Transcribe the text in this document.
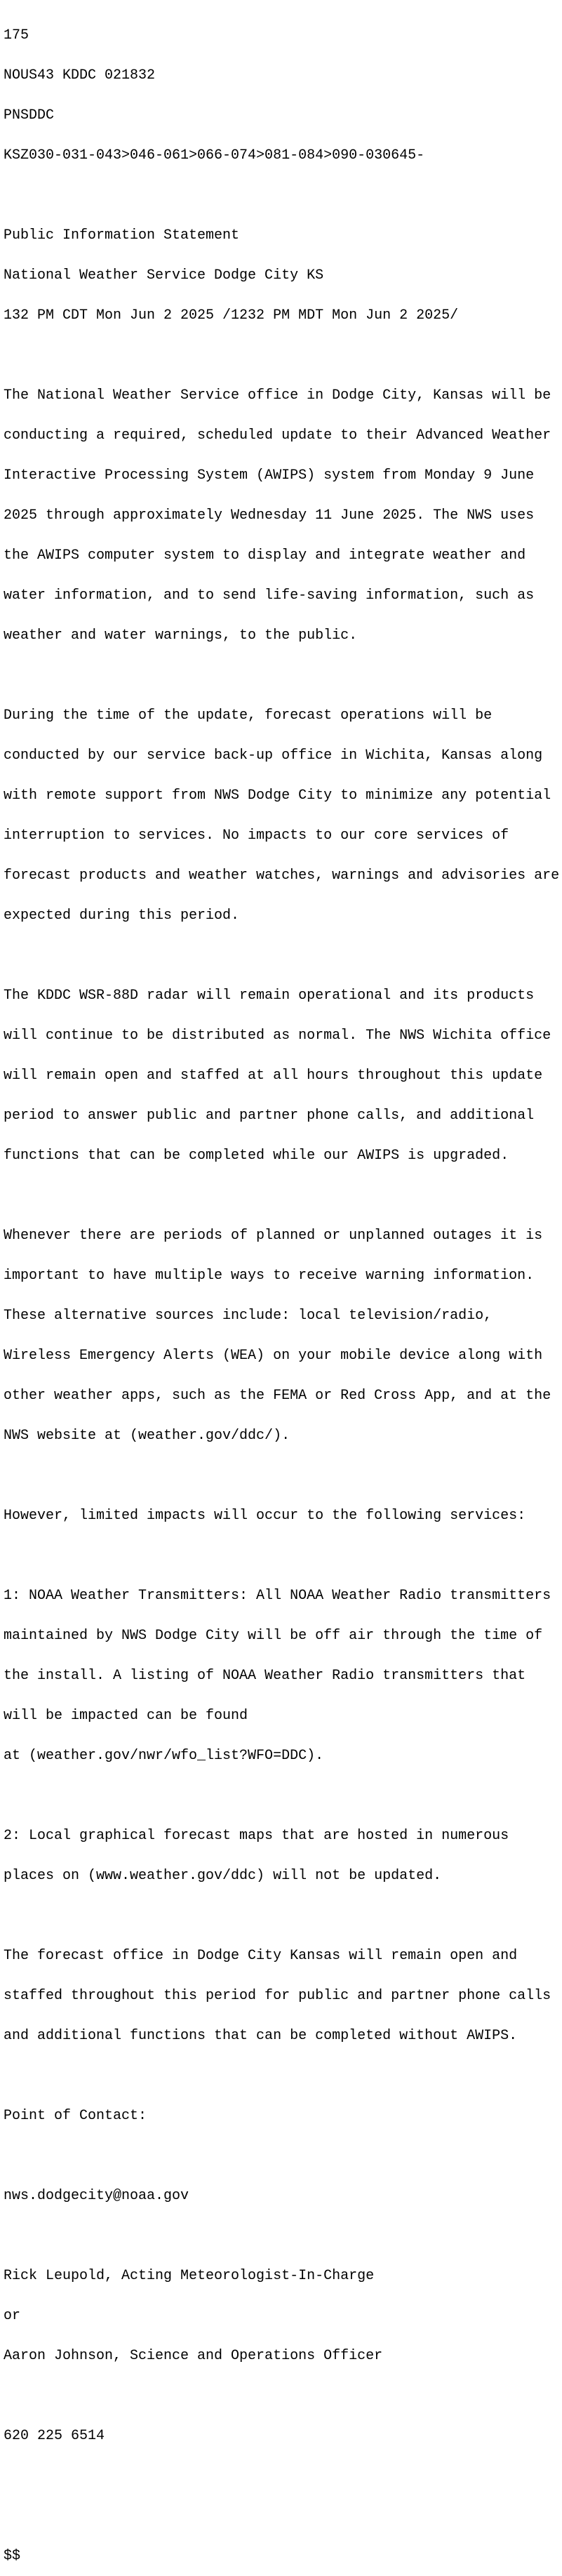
175

NOUS43 KDDC 021832

PNSDDC

KSZ030-031-043>046-061>066-074>081-084>090-030645-

Public Information Statement

National Weather Service Dodge City KS

132 PM CDT Mon Jun 2 2025 /1232 PM MDT Mon Jun 2 2025/

The National Weather Service office in Dodge City, Kansas will be

conducting a required, scheduled update to their Advanced Weather

Interactive Processing System (AWIPS) system from Monday 9 June

2025 through approximately Wednesday 11 June 2025. The NWS uses

the AWIPS computer system to display and integrate weather and

water information, and to send life-saving information, such as

weather and water warnings, to the public.

During the time of the update, forecast operations will be

conducted by our service back-up office in Wichita, Kansas along

with remote support from NWS Dodge City to minimize any potential

interruption to services. No impacts to our core services of

forecast products and weather watches, warnings and advisories are

expected during this period.

The KDDC WSR-88D radar will remain operational and its products

will continue to be distributed as normal. The NWS Wichita office

will remain open and staffed at all hours throughout this update

period to answer public and partner phone calls, and additional

functions that can be completed while our AWIPS is upgraded.

Whenever there are periods of planned or unplanned outages it is

important to have multiple ways to receive warning information.

These alternative sources include: local television/radio,

Wireless Emergency Alerts (WEA) on your mobile device along with

other weather apps, such as the FEMA or Red Cross App, and at the

NWS website at (weather.gov/ddc/).

However, limited impacts will occur to the following services:

1: NOAA Weather Transmitters: All NOAA Weather Radio transmitters

maintained by NWS Dodge City will be off air through the time of

the install. A listing of NOAA Weather Radio transmitters that

will be impacted can be found

at (weather.gov/nwr/wfo_list?WFO=DDC).

2: Local graphical forecast maps that are hosted in numerous

places on (www.weather.gov/ddc) will not be updated.

The forecast office in Dodge City Kansas will remain open and

staffed throughout this period for public and partner phone calls

and additional functions that can be completed without AWIPS.

Point of Contact:

nws.dodgecity@noaa.gov

Rick Leupold, Acting Meteorologist-In-Charge

or

Aaron Johnson, Science and Operations Officer

620 225 6514

$$
